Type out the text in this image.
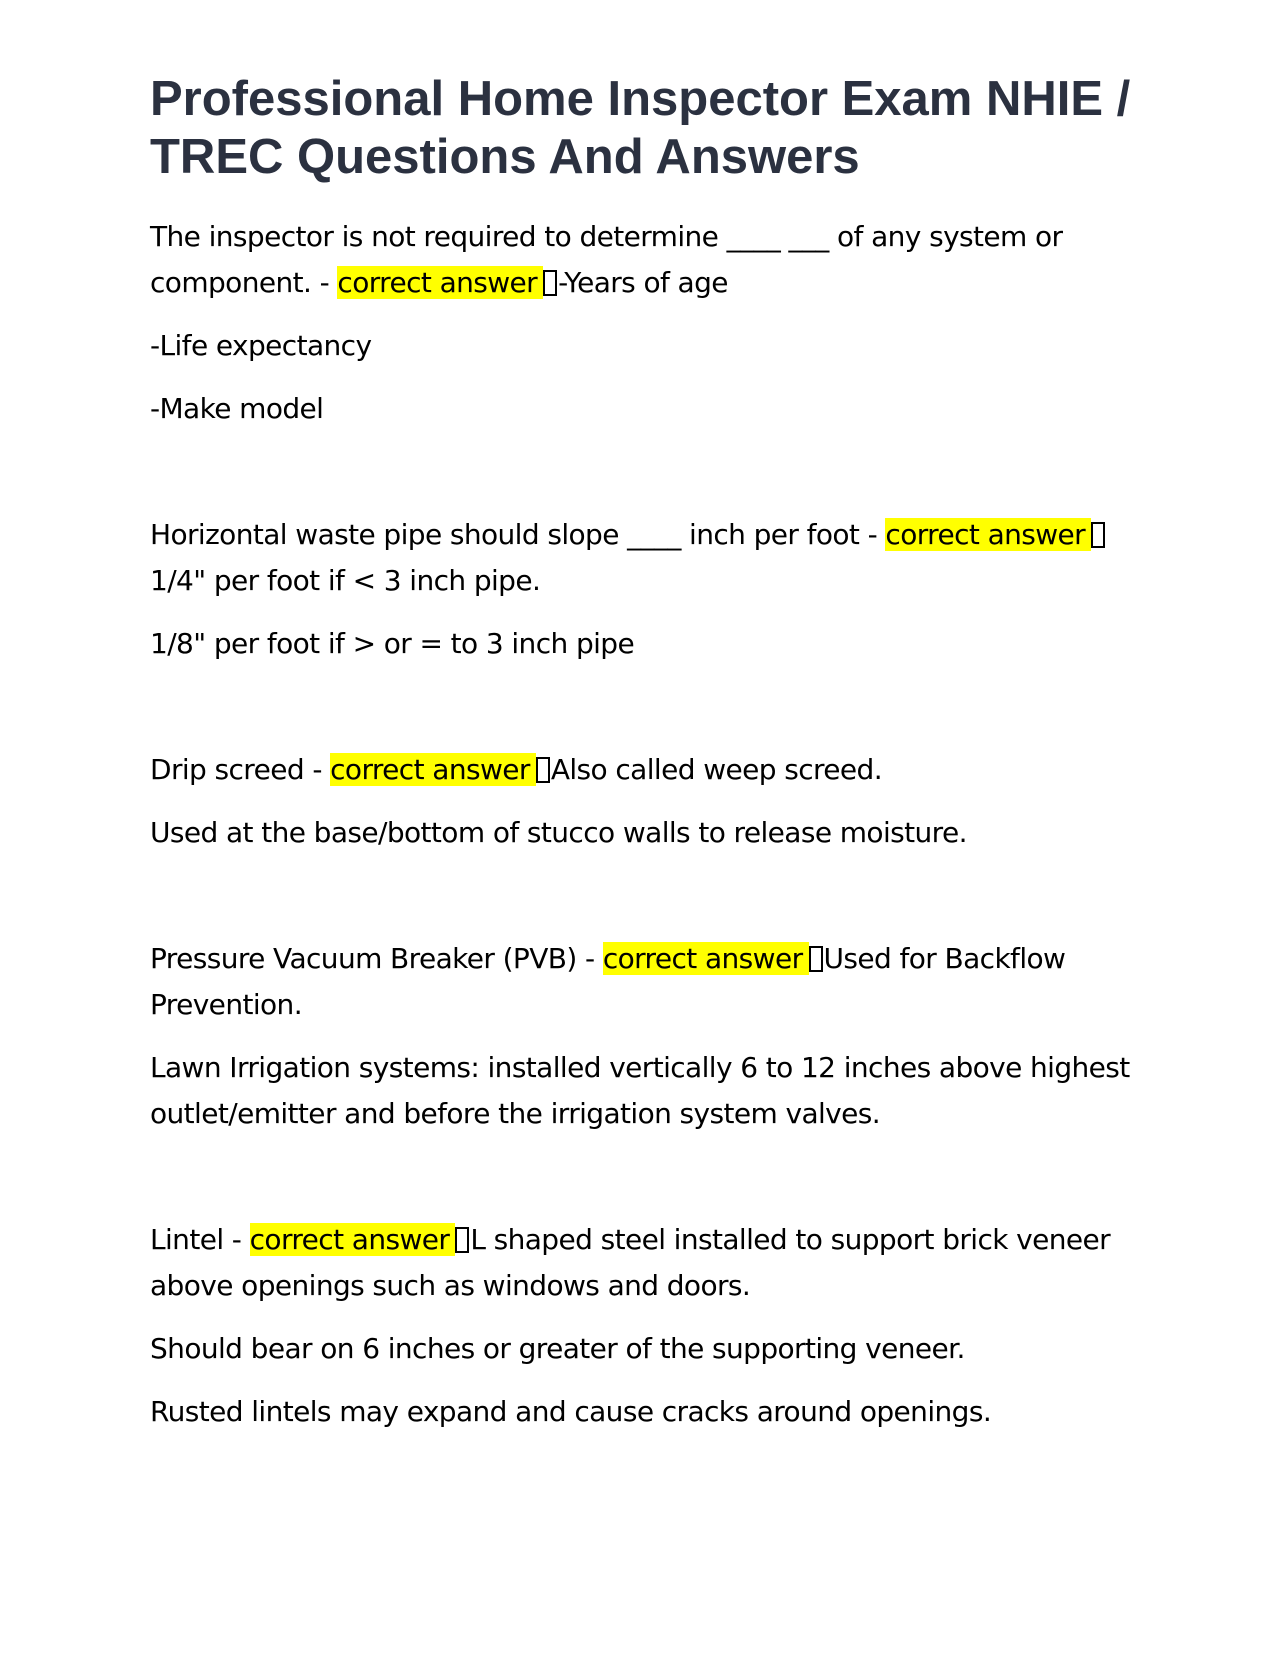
Professional Home Inspector Exam NHIE / TREC Questions And Answers

The inspector is not required to determine ____ ___ of any system or component. - correct answer -Years of age

-Life expectancy

-Make model

Horizontal waste pipe should slope ____ inch per foot - correct answer1/4" per foot if < 3 inch pipe.

1/8" per foot if > or = to 3 inch pipe

Drip screed - correct answer Also called weep screed.

Used at the base/bottom of stucco walls to release moisture.

Pressure Vacuum Breaker (PVB) - correct answer Used for Backflow Prevention.

Lawn Irrigation systems: installed vertically 6 to 12 inches above highest outlet/emitter and before the irrigation system valves.

Lintel - correct answer L shaped steel installed to support brick veneer above openings such as windows and doors.

Should bear on 6 inches or greater of the supporting veneer.

Rusted lintels may expand and cause cracks around openings.
